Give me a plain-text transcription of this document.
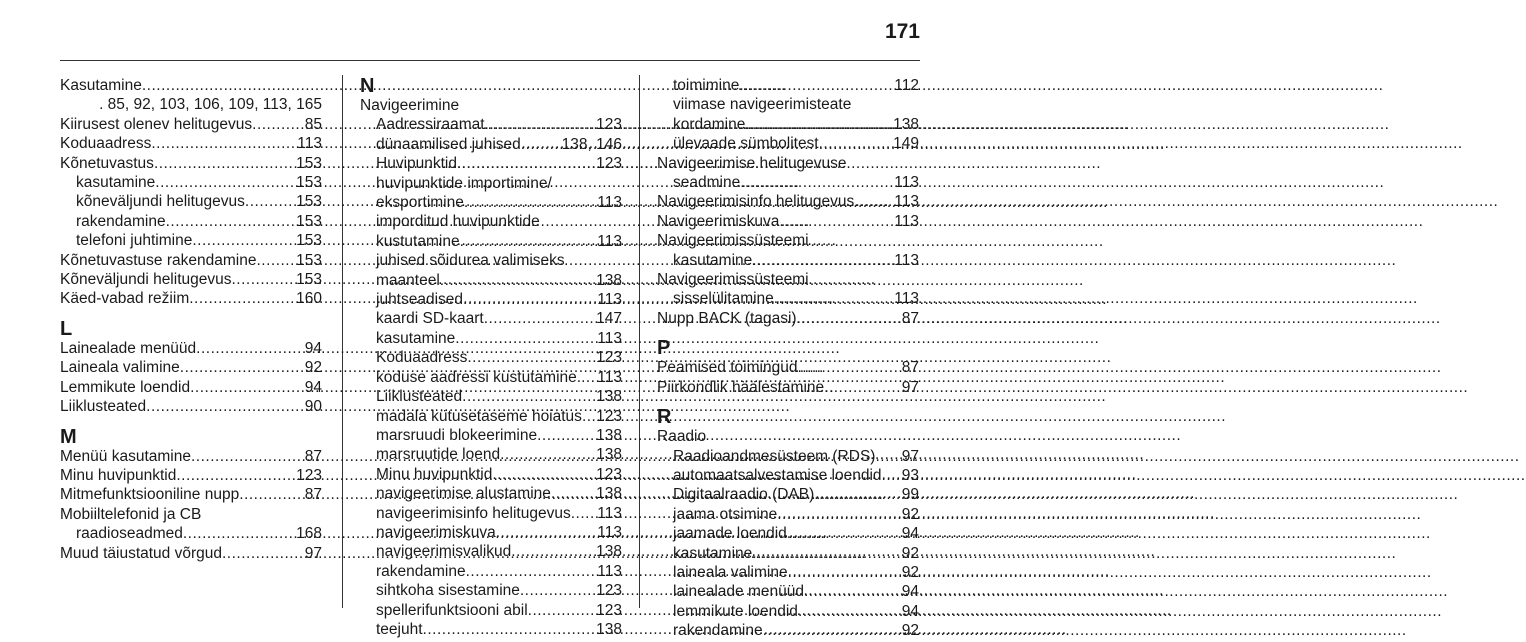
171
Kasutamine
.....
. 85, 92, 103, 106, 109, 113, 165
Kiirusest olenev helitugevus .....	85
Koduaadress .....	113
Kõnetuvastus .....	153
kasutamine .....	153
kõneväljundi helitugevus .....	153
rakendamine .....	153
telefoni juhtimine .....	153
Kõnetuvastuse rakendamine .....	153
Kõneväljundi helitugevus .....	153
Käed-vabad režiim .....	160
L
Lainealade menüüd .....	94
Laineala valimine .....	92
Lemmikute loendid .....	94
Liiklusteated .....	90
M
Menüü kasutamine .....	87
Minu huvipunktid .....	123
Mitmefunktsiooniline nupp .....	87
Mobiiltelefonid ja CB
raadioseadmed .....	168
Muud täiustatud võrgud .....	97
N
Navigeerimine
Aadressiraamat .....	123
dünaamilised juhised .....	138, 146
Huvipunktid .....	123
huvipunktide importimine/
eksportimine .....	113
imporditud huvipunktide
kustutamine .....	113
juhised sõidurea valimiseks
maanteel .....	138
juhtseadised .....	113
kaardi SD-kaart .....	147
kasutamine .....	113
Koduaadress .....	123
koduse aadressi kustutamine. ..... 113
Liiklusteated .....	138
madala kütusetaseme hoiatus ..... 123
marsruudi blokeerimine .....	138
marsruutide loend .....	138
Minu huvipunktid .....	123
navigeerimise alustamine .....	138
navigeerimisinfo helitugevus ..... 113
navigeerimiskuva .....	113
navigeerimisvalikud .....	138
rakendamine .....	113
sihtkoha sisestamine .....	123
spellerifunktsiooni abil .....	123
teejuht .....	138
toimimine .....	112
viimase navigeerimisteate
kordamine .....	138
ülevaade sümbolitest .....	149
Navigeerimise helitugevuse
seadmine .....	113
Navigeerimisinfo helitugevus .....	113
Navigeerimiskuva .....	113
Navigeerimissüsteemi
kasutamine .....	113
Navigeerimissüsteemi
sisselülitamine .....	113
Nupp BACK (tagasi) .....	87
P
Peamised toimingud .....	87
Piirkondlik häälestamine .....	97
R
Raadio
Raadioandmesüsteem (RDS) ..... 97
automaatsalvestamise loendid ..... 93
Digitaalraadio (DAB) .....	99
jaama otsimine .....	92
jaamade loendid .....	94
kasutamine .....	92
laineala valimine .....	92
lainealade menüüd .....	94
lemmikute loendid .....	94
rakendamine .....	92
